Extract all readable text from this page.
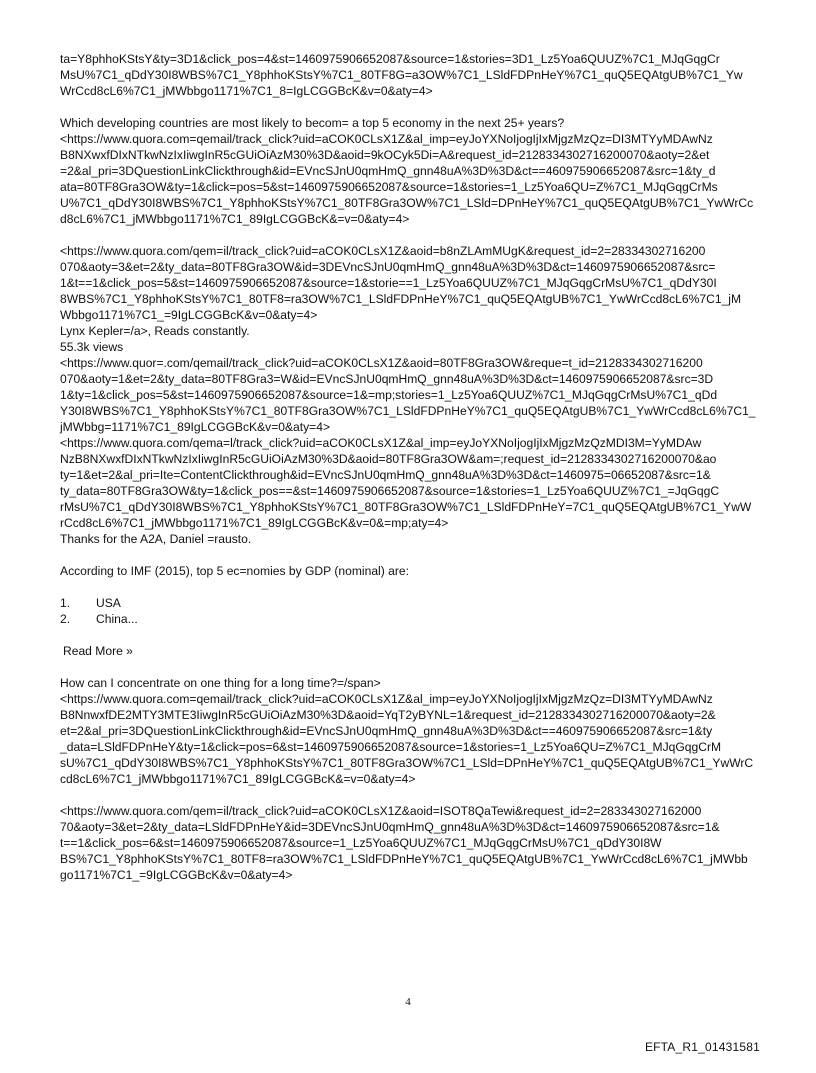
ta=Y8phhoKStsY&ty=3D1&click_pos=4&st=1460975906652087&source=1&stories=3D1_Lz5Yoa6QUUZ%7C1_MJqGqgCr
MsU%7C1_qDdY30I8WBS%7C1_Y8phhoKStsY%7C1_80TF8G=a3OW%7C1_LSldFDPnHeY%7C1_quQ5EQAtgUB%7C1_Yw
WrCcd8cL6%7C1_jMWbbgo1171%7C1_8=IgLCGGBcK&v=0&aty=4>
Which developing countries are most likely to becom= a top 5 economy in the next 25+ years?
<https://www.quora.com=qemail/track_click?uid=aCOK0CLsX1Z&al_imp=eyJoYXNoIjogIjIxMjgzMzQz=DI3MTYyMDAwNz
B8NXwxfDIxNTkwNzIxIiwgInR5cGUiOiAzM30%3D&aoid=9kOCyk5Di=A&request_id=2128334302716200070&aoty=2&et
=2&al_pri=3DQuestionLinkClickthrough&id=EVncSJnU0qmHmQ_gnn48uA%3D%3D&ct==460975906652087&src=1&ty_d
ata=80TF8Gra3OW&ty=1&click=pos=5&st=1460975906652087&source=1&stories=1_Lz5Yoa6QU=Z%7C1_MJqGqgCrMs
U%7C1_qDdY30I8WBS%7C1_Y8phhoKStsY%7C1_80TF8Gra3OW%7C1_LSld=DPnHeY%7C1_quQ5EQAtgUB%7C1_YwWrCc
d8cL6%7C1_jMWbbgo1171%7C1_89IgLCGGBcK&=v=0&aty=4>
<https://www.quora.com/qem=il/track_click?uid=aCOK0CLsX1Z&aoid=b8nZLAmMUgK&request_id=2=28334302716200
070&aoty=3&et=2&ty_data=80TF8Gra3OW&id=3DEVncSJnU0qmHmQ_gnn48uA%3D%3D&ct=1460975906652087&src=
1&t==1&click_pos=5&st=1460975906652087&source=1&storie==1_Lz5Yoa6QUUZ%7C1_MJqGqgCrMsU%7C1_qDdY30I
8WBS%7C1_Y8phhoKStsY%7C1_80TF8=ra3OW%7C1_LSldFDPnHeY%7C1_quQ5EQAtgUB%7C1_YwWrCcd8cL6%7C1_jM
Wbbgo1171%7C1_=9IgLCGGBcK&v=0&aty=4>
Lynx Kepler=/a>, Reads constantly.
55.3k views
<https://www.quor=.com/qemail/track_click?uid=aCOK0CLsX1Z&aoid=80TF8Gra3OW&reque=t_id=2128334302716200
070&aoty=1&et=2&ty_data=80TF8Gra3=W&id=EVncSJnU0qmHmQ_gnn48uA%3D%3D&ct=1460975906652087&src=3D
1&ty=1&click_pos=5&st=1460975906652087&source=1&=mp;stories=1_Lz5Yoa6QUUZ%7C1_MJqGqgCrMsU%7C1_qDd
Y30I8WBS%7C1_Y8phhoKStsY%7C1_80TF8Gra3OW%7C1_LSldFDPnHeY%7C1_quQ5EQAtgUB%7C1_YwWrCcd8cL6%7C1_
jMWbbg=1171%7C1_89IgLCGGBcK&v=0&aty=4>
<https://www.quora.com/qema=l/track_click?uid=aCOK0CLsX1Z&al_imp=eyJoYXNoIjogIjIxMjgzMzQzMDI3M=YyMDAw
NzB8NXwxfDIxNTkwNzIxIiwgInR5cGUiOiAzM30%3D&aoid=80TF8Gra3OW&am=;request_id=2128334302716200070&ao
ty=1&et=2&al_pri=Ite=ContentClickthrough&id=EVncSJnU0qmHmQ_gnn48uA%3D%3D&ct=1460975=06652087&src=1&
ty_data=80TF8Gra3OW&ty=1&click_pos==&st=1460975906652087&source=1&stories=1_Lz5Yoa6QUUZ%7C1_=JqGqgC
rMsU%7C1_qDdY30I8WBS%7C1_Y8phhoKStsY%7C1_80TF8Gra3OW%7C1_LSldFDPnHeY=7C1_quQ5EQAtgUB%7C1_YwW
rCcd8cL6%7C1_jMWbbgo1171%7C1_89IgLCGGBcK&v=0&=mp;aty=4>
Thanks for the A2A, Daniel =rausto.
According to IMF (2015), top 5 ec=nomies by GDP (nominal) are:
1.	USA
2.	China...
Read More »
How can I concentrate on one thing for a long time?=/span>
<https://www.quora.com=qemail/track_click?uid=aCOK0CLsX1Z&al_imp=eyJoYXNoIjogIjIxMjgzMzQz=DI3MTYyMDAwNz
B8NnwxfDE2MTY3MTE3IiwgInR5cGUiOiAzM30%3D&aoid=YqT2yBYNL=1&request_id=2128334302716200070&aoty=2&
et=2&al_pri=3DQuestionLinkClickthrough&id=EVncSJnU0qmHmQ_gnn48uA%3D%3D&ct==460975906652087&src=1&ty
_data=LSldFDPnHeY&ty=1&click=pos=6&st=1460975906652087&source=1&stories=1_Lz5Yoa6QU=Z%7C1_MJqGqgCrM
sU%7C1_qDdY30I8WBS%7C1_Y8phhoKStsY%7C1_80TF8Gra3OW%7C1_LSld=DPnHeY%7C1_quQ5EQAtgUB%7C1_YwWrC
cd8cL6%7C1_jMWbbgo1171%7C1_89IgLCGGBcK&=v=0&aty=4>
<https://www.quora.com/qem=il/track_click?uid=aCOK0CLsX1Z&aoid=ISOT8QaTewi&request_id=2=283343027162000
70&aoty=3&et=2&ty_data=LSldFDPnHeY&id=3DEVncSJnU0qmHmQ_gnn48uA%3D%3D&ct=1460975906652087&src=1&
t==1&click_pos=6&st=1460975906652087&source=1_Lz5Yoa6QUUZ%7C1_MJqGqgCrMsU%7C1_qDdY30I8W
BS%7C1_Y8phhoKStsY%7C1_80TF8=ra3OW%7C1_LSldFDPnHeY%7C1_quQ5EQAtgUB%7C1_YwWrCcd8cL6%7C1_jMWbb
go1171%7C1_=9IgLCGGBcK&v=0&aty=4>
4
EFTA_R1_01431581
